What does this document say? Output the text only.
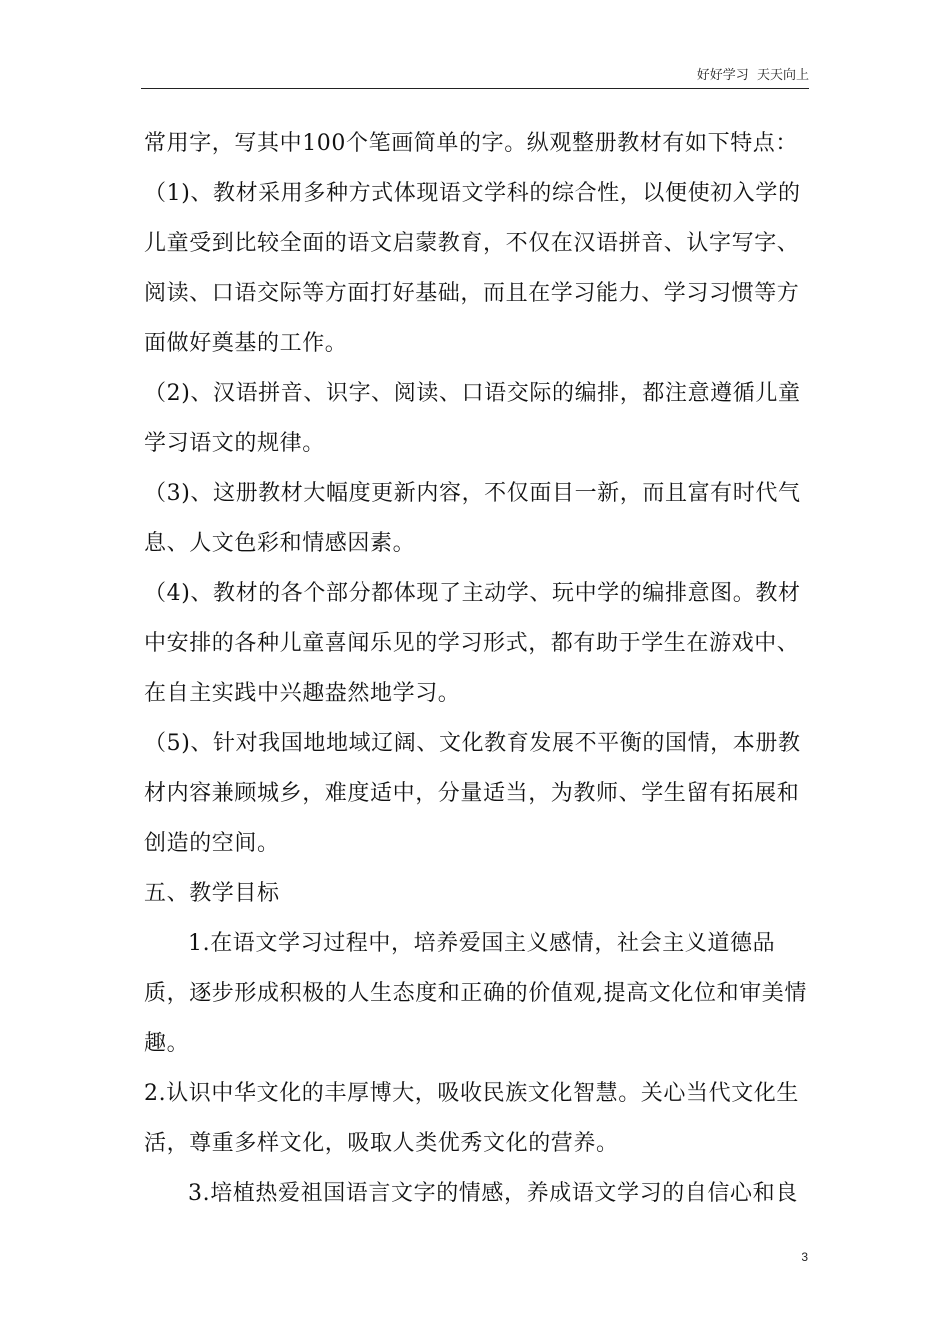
好好学习  天天向上
常用字，写其中100个笔画简单的字。纵观整册教材有如下特点：
（1)、教材采用多种方式体现语文学科的综合性，以便使初入学的
儿童受到比较全面的语文启蒙教育，不仅在汉语拼音、认字写字、
阅读、口语交际等方面打好基础，而且在学习能力、学习习惯等方
面做好奠基的工作。
（2)、汉语拼音、识字、阅读、口语交际的编排，都注意遵循儿童
学习语文的规律。
（3)、这册教材大幅度更新内容，不仅面目一新，而且富有时代气
息、人文色彩和情感因素。
（4)、教材的各个部分都体现了主动学、玩中学的编排意图。教材
中安排的各种儿童喜闻乐见的学习形式，都有助于学生在游戏中、
在自主实践中兴趣盎然地学习。
（5)、针对我国地地域辽阔、文化教育发展不平衡的国情，本册教
材内容兼顾城乡，难度适中，分量适当，为教师、学生留有拓展和
创造的空间。
五、教学目标
1.在语文学习过程中，培养爱国主义感情，社会主义道德品
质，逐步形成积极的人生态度和正确的价值观,提高文化位和审美情
趣。
2.认识中华文化的丰厚博大，吸收民族文化智慧。关心当代文化生
活，尊重多样文化，吸取人类优秀文化的营养。
3.培植热爱祖国语言文字的情感，养成语文学习的自信心和良
3
